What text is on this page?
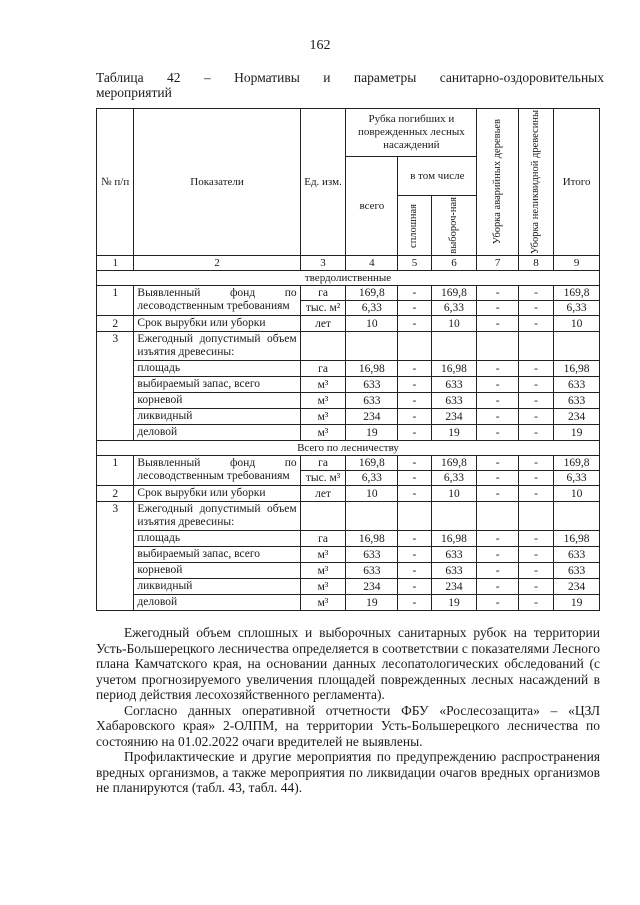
162
Таблица 42 – Нормативы и параметры санитарно-оздоровительных
мероприятий
№ п/п	Показатели	Ед. изм.	Рубка погибших и поврежденных лесных насаждений			Уборка аварийных деревьев	Уборка неликвидной древесины	Итого
			всего	в том числе				

				сплошная	выбороч-ная			

1	2	3	4	5	6	7	8	9
твердолиственные								
1	Выявленный фонд по лесоводственным требованиям	га	169,8	-	169,8	-	-	169,8
		тыс. м²	6,33	-	6,33	-	-	6,33
2	Срок вырубки или уборки	лет	10	-	10	-	-	10
3	Ежегодный допустимый объем изъятия древесины:							
	площадь	га	16,98	-	16,98	-	-	16,98
	выбираемый запас, всего	м³	633	-	633	-	-	633
	корневой	м³	633	-	633	-	-	633
	ликвидный	м³	234	-	234	-	-	234
	деловой	м³	19	-	19	-	-	19
Всего по лесничеству								
1	Выявленный фонд по лесоводственным требованиям	га	169,8	-	169,8	-	-	169,8
		тыс. м³	6,33	-	6,33	-	-	6,33
2	Срок вырубки или уборки	лет	10	-	10	-	-	10
3	Ежегодный допустимый объем изъятия древесины:							
	площадь	га	16,98	-	16,98	-	-	16,98
	выбираемый запас, всего	м³	633	-	633	-	-	633
	корневой	м³	633	-	633	-	-	633
	ликвидный	м³	234	-	234	-	-	234
	деловой	м³	19	-	19	-	-	19

Ежегодный объем сплошных и выборочных санитарных рубок на территории Усть-Большерецкого лесничества определяется в соответствии с показателями Лесного плана Камчатского края, на основании данных лесопатологических обследований (с учетом прогнозируемого увеличения площадей поврежденных лесных насаждений в период действия лесохозяйственного регламента).

Согласно данных оперативной отчетности ФБУ «Рослесозащита» – «ЦЗЛ Хабаровского края» 2-ОЛПМ, на территории Усть-Большерецкого лесничества по состоянию на 01.02.2022 очаги вредителей не выявлены.

Профилактические и другие мероприятия по предупреждению распространения вредных организмов, а также мероприятия по ликвидации очагов вредных организмов не планируются (табл. 43, табл. 44).
